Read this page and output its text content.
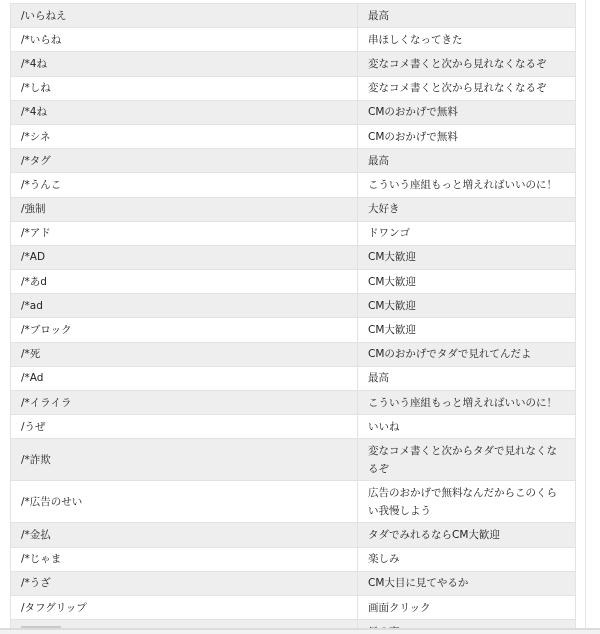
/いらねえ	最高
/*いらね	串ほしくなってきた
/*4ね	変なコメ書くと次から見れなくなるぞ
/*しね	変なコメ書くと次から見れなくなるぞ
/*4ね	CMのおかげで無料
/*シネ	CMのおかげで無料
/*タグ	最高
/*うんこ	こういう座組もっと増えればいいのに！
/強制	大好き
/*アド	ドワンゴ
/*AD	CM大歓迎
/*あd	CM大歓迎
/*ad	CM大歓迎
/*ブロック	CM大歓迎
/*死	CMのおかげでタダで見れてんだよ
/*Ad	最高
/*イライラ	こういう座組もっと増えればいいのに！
/うぜ	いいね
/*詐欺	変なコメ書くと次からタダで見れなくなるぞ
/*広告のせい	広告のおかげで無料なんだからこのくらい我慢しよう
/*金払	タダでみれるならCM大歓迎
/*じゃま	楽しみ
/*うざ	CM大目に見てやるか
/タフグリップ	画面クリック
